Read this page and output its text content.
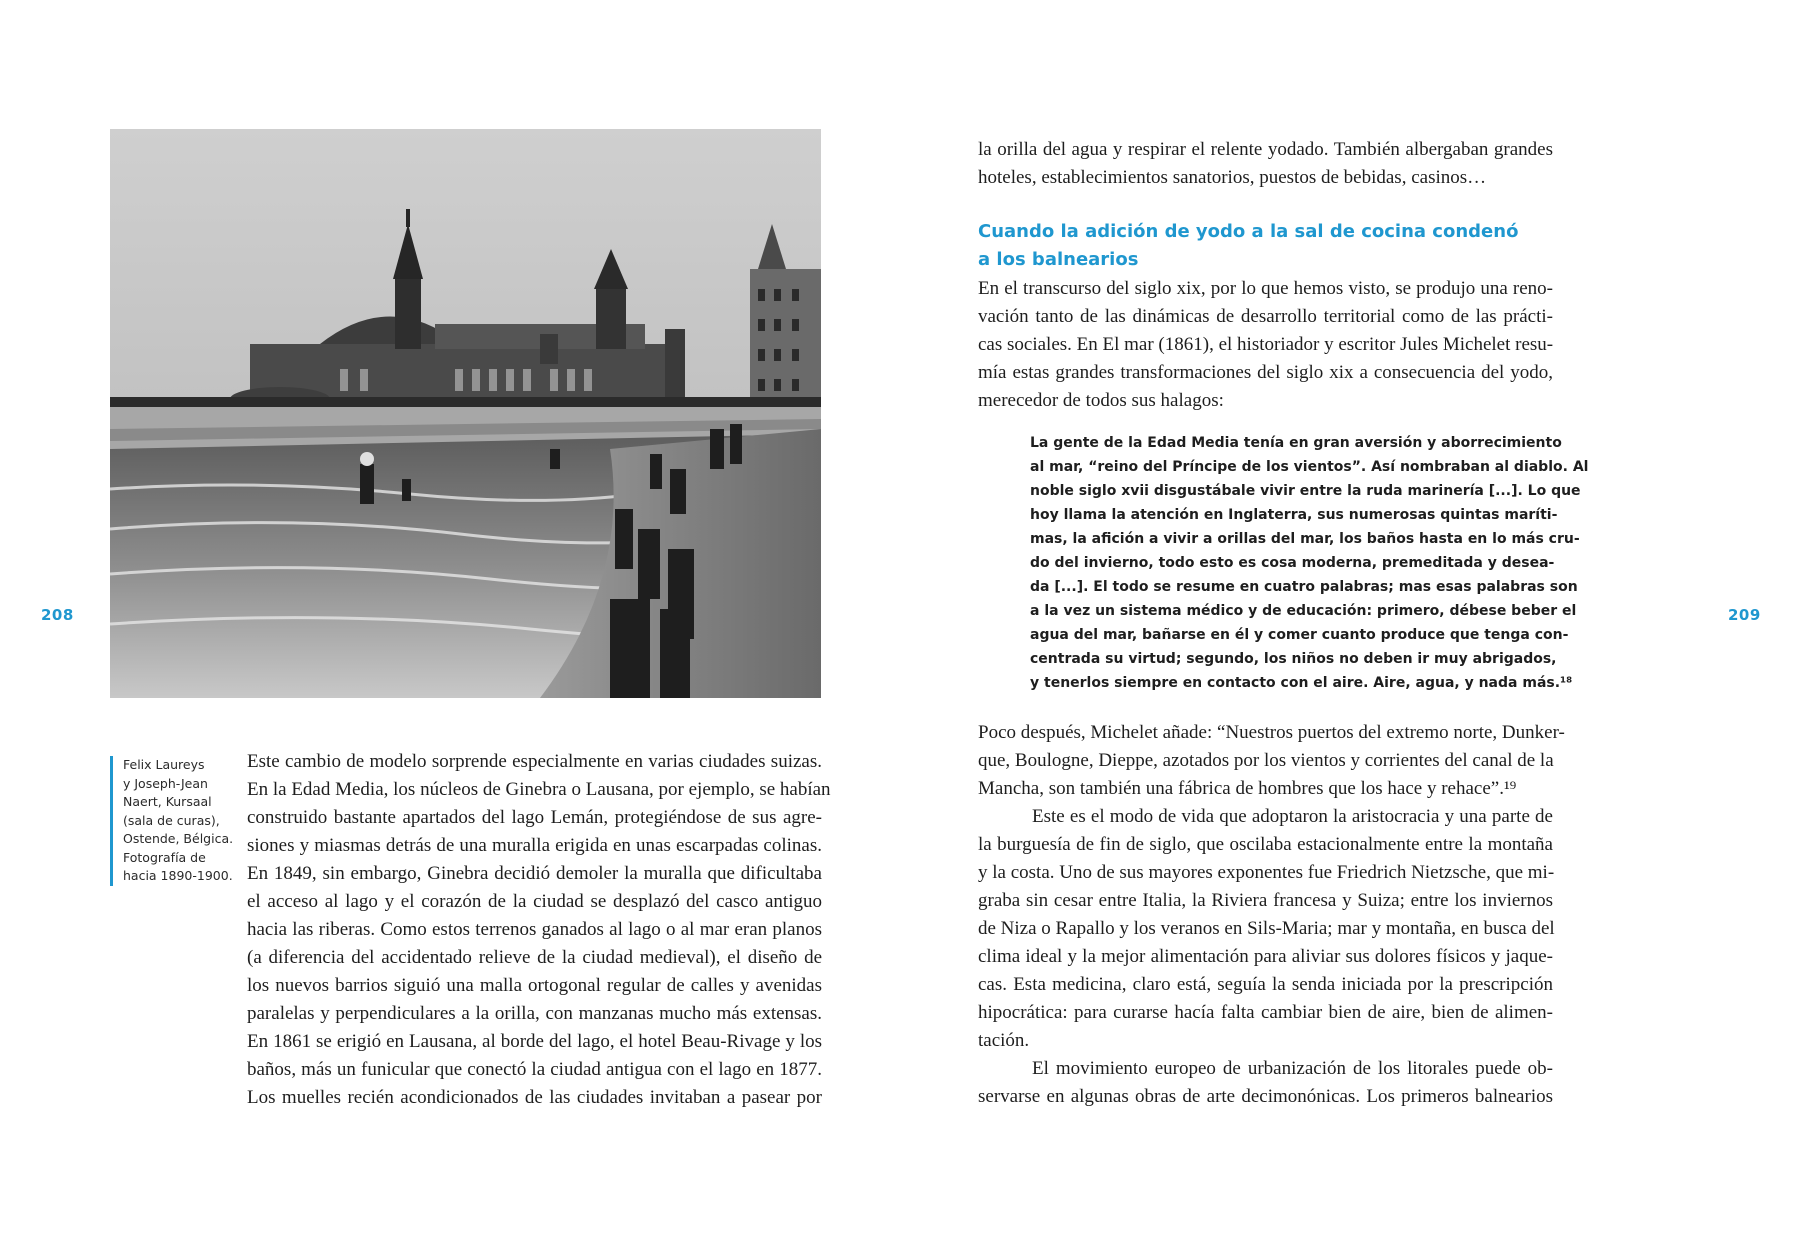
208
Felix Laureys
y Joseph-Jean
Naert, Kursaal
(sala de curas),
Ostende, Bélgica.
Fotografía de
hacia 1890-1900.
Este cambio de modelo sorprende especialmente en varias ciudades suizas.
En la Edad Media, los núcleos de Ginebra o Lausana, por ejemplo, se habían
construido bastante apartados del lago Lemán, protegiéndose de sus agre-
siones y miasmas detrás de una muralla erigida en unas escarpadas colinas.
En 1849, sin embargo, Ginebra decidió demoler la muralla que dificultaba
el acceso al lago y el corazón de la ciudad se desplazó del casco antiguo
hacia las riberas. Como estos terrenos ganados al lago o al mar eran planos
(a diferencia del accidentado relieve de la ciudad medieval), el diseño de
los nuevos barrios siguió una malla ortogonal regular de calles y avenidas
paralelas y perpendiculares a la orilla, con manzanas mucho más extensas.
En 1861 se erigió en Lausana, al borde del lago, el hotel Beau-Rivage y los
baños, más un funicular que conectó la ciudad antigua con el lago en 1877.
Los muelles recién acondicionados de las ciudades invitaban a pasear por
209
la orilla del agua y respirar el relente yodado. También albergaban grandes
hoteles, establecimientos sanatorios, puestos de bebidas, casinos…
Cuando la adición de yodo a la sal de cocina condenó
a los balnearios
En el transcurso del siglo xix, por lo que hemos visto, se produjo una reno-
vación tanto de las dinámicas de desarrollo territorial como de las prácti-
cas sociales. En El mar (1861), el historiador y escritor Jules Michelet resu-
mía estas grandes transformaciones del siglo xix a consecuencia del yodo,
merecedor de todos sus halagos:
La gente de la Edad Media tenía en gran aversión y aborrecimiento
al mar, “reino del Príncipe de los vientos”. Así nombraban al diablo. Al
noble siglo xvii disgustábale vivir entre la ruda marinería [...]. Lo que
hoy llama la atención en Inglaterra, sus numerosas quintas maríti-
mas, la afición a vivir a orillas del mar, los baños hasta en lo más cru-
do del invierno, todo esto es cosa moderna, premeditada y desea-
da [...]. El todo se resume en cuatro palabras; mas esas palabras son
a la vez un sistema médico y de educación: primero, débese beber el
agua del mar, bañarse en él y comer cuanto produce que tenga con-
centrada su virtud; segundo, los niños no deben ir muy abrigados,
y tenerlos siempre en contacto con el aire. Aire, agua, y nada más.¹⁸
Poco después, Michelet añade: “Nuestros puertos del extremo norte, Dunker-
que, Boulogne, Dieppe, azotados por los vientos y corrientes del canal de la
Mancha, son también una fábrica de hombres que los hace y rehace”.¹⁹
Este es el modo de vida que adoptaron la aristocracia y una parte de
la burguesía de fin de siglo, que oscilaba estacionalmente entre la montaña
y la costa. Uno de sus mayores exponentes fue Friedrich Nietzsche, que mi-
graba sin cesar entre Italia, la Riviera francesa y Suiza; entre los inviernos
de Niza o Rapallo y los veranos en Sils-Maria; mar y montaña, en busca del
clima ideal y la mejor alimentación para aliviar sus dolores físicos y jaque-
cas. Esta medicina, claro está, seguía la senda iniciada por la prescripción
hipocrática: para curarse hacía falta cambiar bien de aire, bien de alimen-
tación.
El movimiento europeo de urbanización de los litorales puede ob-
servarse en algunas obras de arte decimonónicas. Los primeros balnearios
